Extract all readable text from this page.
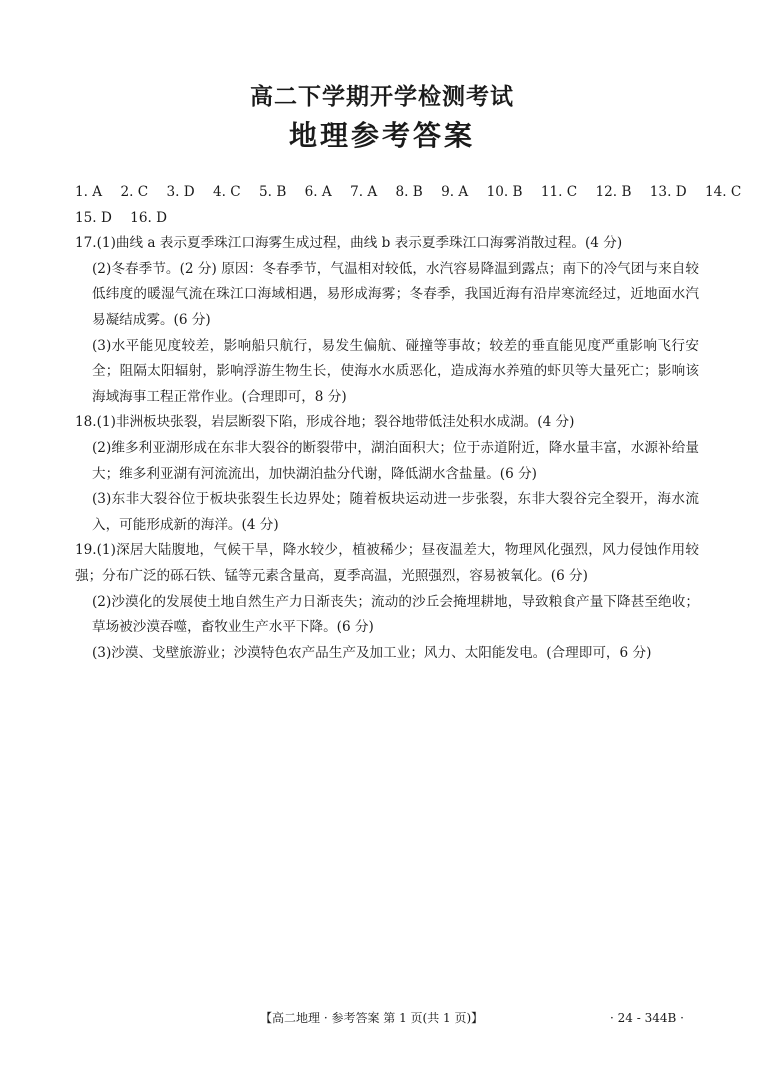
高二下学期开学检测考试
地理参考答案
1. A 2. C 3. D 4. C 5. B 6. A 7. A 8. B 9. A 10. B 11. C 12. B 13. D 14. C
15. D 16. D

17.(1)曲线 a 表示夏季珠江口海雾生成过程，曲线 b 表示夏季珠江口海雾消散过程。(4 分)

(2)冬春季节。(2 分) 原因：冬春季节，气温相对较低，水汽容易降温到露点；南下的冷气团与来自较低纬度的暖湿气流在珠江口海域相遇，易形成海雾；冬春季，我国近海有沿岸寒流经过，近地面水汽易凝结成雾。(6 分)

(3)水平能见度较差，影响船只航行，易发生偏航、碰撞等事故；较差的垂直能见度严重影响飞行安全；阻隔太阳辐射，影响浮游生物生长，使海水水质恶化，造成海水养殖的虾贝等大量死亡；影响该海域海事工程正常作业。(合理即可，8 分)

18.(1)非洲板块张裂，岩层断裂下陷，形成谷地；裂谷地带低洼处积水成湖。(4 分)

(2)维多利亚湖形成在东非大裂谷的断裂带中，湖泊面积大；位于赤道附近，降水量丰富，水源补给量大；维多利亚湖有河流流出，加快湖泊盐分代谢，降低湖水含盐量。(6 分)

(3)东非大裂谷位于板块张裂生长边界处；随着板块运动进一步张裂，东非大裂谷完全裂开，海水流入，可能形成新的海洋。(4 分)

19.(1)深居大陆腹地，气候干旱，降水较少，植被稀少；昼夜温差大，物理风化强烈，风力侵蚀作用较强；分布广泛的砾石铁、锰等元素含量高，夏季高温，光照强烈，容易被氧化。(6 分)

(2)沙漠化的发展使土地自然生产力日渐丧失；流动的沙丘会掩埋耕地，导致粮食产量下降甚至绝收；草场被沙漠吞噬，畜牧业生产水平下降。(6 分)

(3)沙漠、戈壁旅游业；沙漠特色农产品生产及加工业；风力、太阳能发电。(合理即可，6 分)

【高二地理 · 参考答案 第 1 页(共 1 页)】	· 24 - 344B ·
